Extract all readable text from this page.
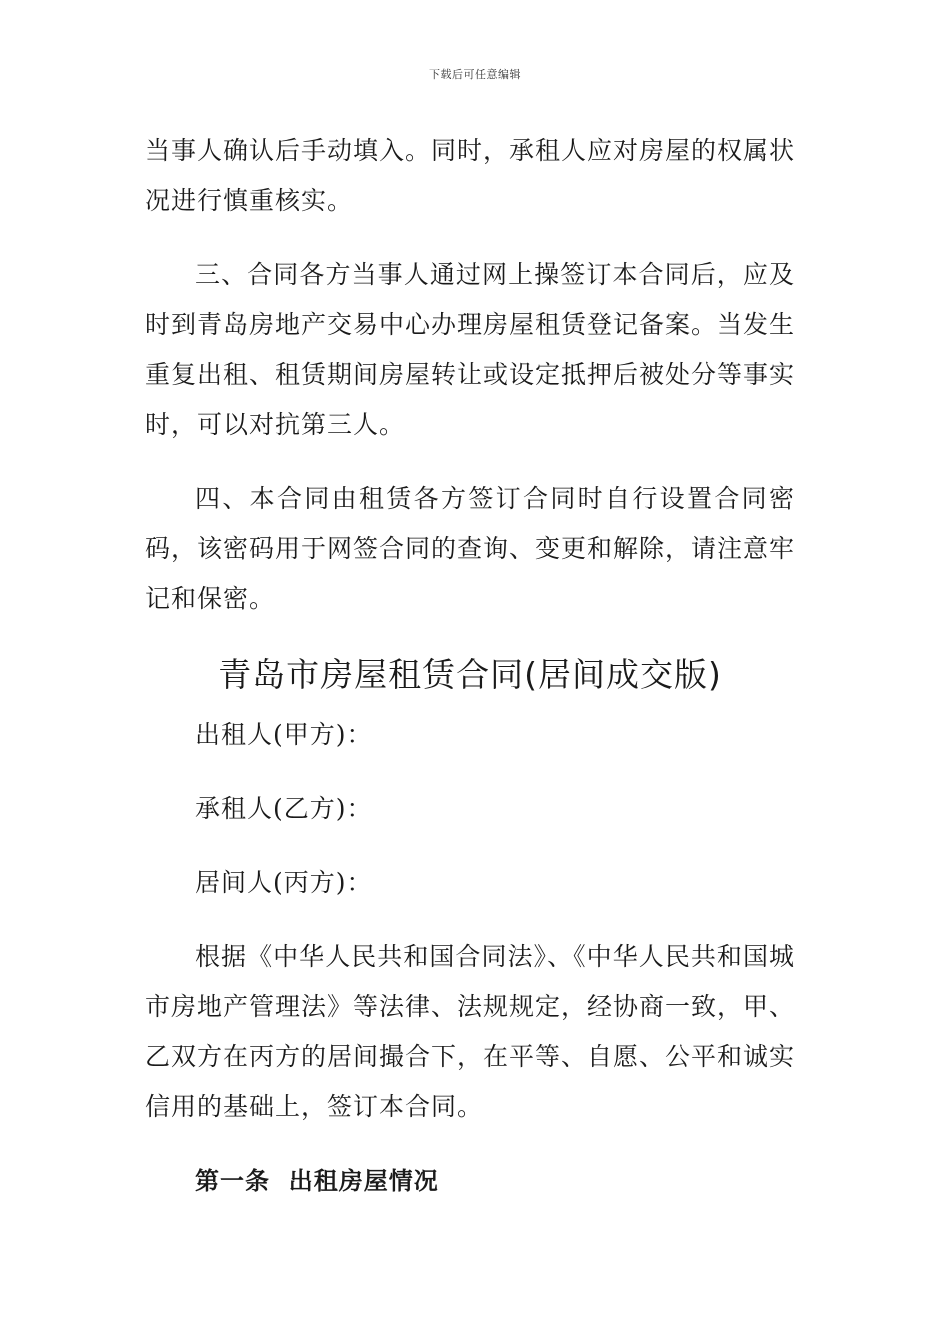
下载后可任意编辑

当事人确认后手动填入。同时，承租人应对房屋的权属状况进行慎重核实。

三、合同各方当事人通过网上操签订本合同后，应及时到青岛房地产交易中心办理房屋租赁登记备案。当发生重复出租、租赁期间房屋转让或设定抵押后被处分等事实时，可以对抗第三人。

四、本合同由租赁各方签订合同时自行设置合同密码，该密码用于网签合同的查询、变更和解除，请注意牢记和保密。

青岛市房屋租赁合同(居间成交版)

出租人(甲方)：

承租人(乙方)：

居间人(丙方)：

根据《中华人民共和国合同法》、《中华人民共和国城市房地产管理法》等法律、法规规定，经协商一致，甲、乙双方在丙方的居间撮合下，在平等、自愿、公平和诚实信用的基础上，签订本合同。

第一条  出租房屋情况
